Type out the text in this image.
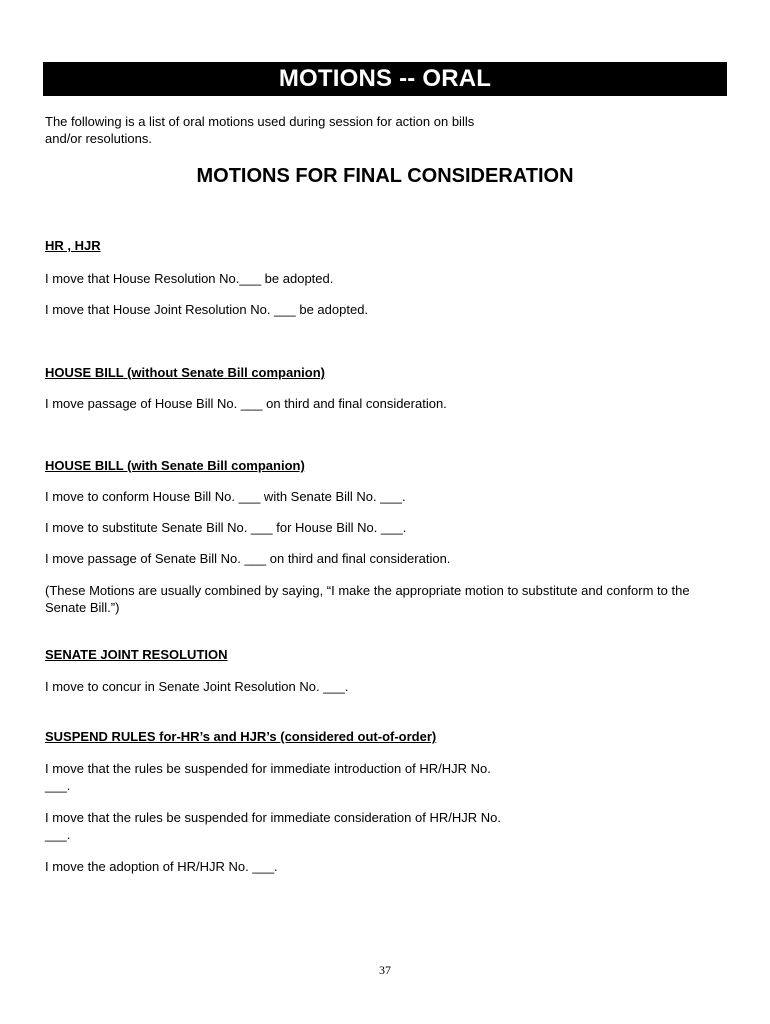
MOTIONS -- ORAL
The following is a list of oral motions used during session for action on bills and/or resolutions.
MOTIONS FOR FINAL CONSIDERATION
HR , HJR
I move that House Resolution No.___ be adopted.
I move that House Joint Resolution No. ___ be adopted.
HOUSE BILL (without Senate Bill companion)
I move passage of House Bill No. ___ on third and final consideration.
HOUSE BILL (with Senate Bill companion)
I move to conform House Bill No. ___ with Senate Bill No. ___.
I move to substitute Senate Bill No. ___ for House Bill No. ___.
I move passage of Senate Bill No. ___ on third and final consideration.
(These Motions are usually combined by saying, “I make the appropriate motion to substitute and conform to the Senate Bill.”)
SENATE JOINT RESOLUTION
I move to concur in Senate Joint Resolution No. ___.
SUSPEND RULES for-HR’s and HJR’s (considered out-of-order)
I move that the rules be suspended for immediate introduction of HR/HJR No. ___.
I move that the rules be suspended for immediate consideration of HR/HJR No. ___.
I move the adoption of HR/HJR No. ___.
37
